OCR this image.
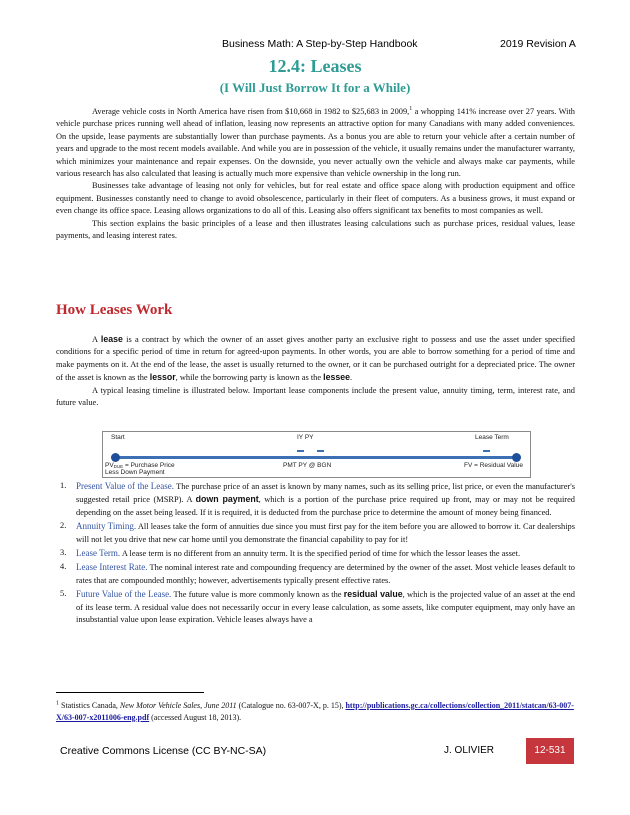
Business Math: A Step-by-Step Handbook	2019 Revision A
12.4: Leases
(I Will Just Borrow It for a While)

Average vehicle costs in North America have risen from $10,668 in 1982 to $25,683 in 2009,$^1$ a whopping 141% increase over 27 years. With vehicle purchase prices running well ahead of inflation, leasing now represents an attractive option for many Canadians with many added conveniences. On the upside, lease payments are substantially lower than purchase payments. As a bonus you are able to return your vehicle after a certain number of years and upgrade to the most recent models available. And while you are in possession of the vehicle, it usually remains under the manufacturer warranty, which minimizes your maintenance and repair expenses. On the downside, you never actually own the vehicle and always make car payments, while various research has also calculated that leasing is actually much more expensive than vehicle ownership in the long run.

Businesses take advantage of leasing not only for vehicles, but for real estate and office space along with production equipment and office equipment. Businesses constantly need to change to avoid obsolescence, particularly in their fleet of computers. As a business grows, it must expand or even change its office space. Leasing allows organizations to do all of this. Leasing also offers significant tax benefits to most companies as well.

This section explains the basic principles of a lease and then illustrates leasing calculations such as purchase prices, residual values, lease payments, and leasing interest rates.

How Leases Work

A lease is a contract by which the owner of an asset gives another party an exclusive right to possess and use the asset under specified conditions for a specific period of time in return for agreed-upon payments. In other words, you are able to borrow something for a period of time and make payments on it. At the end of the lease, the asset is usually returned to the owner, or it can be purchased outright for a depreciated price. The owner of the asset is known as the lessor, while the borrowing party is known as the lessee.

A typical leasing timeline is illustrated below. Important lease components include the present value, annuity timing, term, interest rate, and future value.

Start	IY PY	Lease Term
PVDUE = Purchase Price
Less Down Payment
PMT PY @ BGN	FV = Residual Value
1. Present Value of the Lease. The purchase price of an asset is known by many names, such as its selling price, list price, or even the manufacturer's suggested retail price (MSRP). A down payment, which is a portion of the purchase price required up front, may or may not be required depending on the asset being leased. If it is required, it is deducted from the purchase price to determine the amount of money being financed.
2. Annuity Timing. All leases take the form of annuities due since you must first pay for the item before you are allowed to borrow it. Car dealerships will not let you drive that new car home until you demonstrate the financial capability to pay for it!
3. Lease Term. A lease term is no different from an annuity term. It is the specified period of time for which the lessor leases the asset.
4. Lease Interest Rate. The nominal interest rate and compounding frequency are determined by the owner of the asset. Most vehicle leases default to rates that are compounded monthly; however, advertisements typically present effective rates.
5. Future Value of the Lease. The future value is more commonly known as the residual value, which is the projected value of an asset at the end of its lease term. A residual value does not necessarily occur in every lease calculation, as some assets, like computer equipment, may only have an insubstantial value upon lease expiration. Vehicle leases always have a
$^1$ Statistics Canada, New Motor Vehicle Sales, June 2011 (Catalogue no. 63-007-X, p. 15), http://publications.gc.ca/collections/collection_2011/statcan/63-007-X/63-007-x2011006-eng.pdf (accessed August 18, 2013).
Creative Commons License (CC BY-NC-SA)	J. OLIVIER	12-531
